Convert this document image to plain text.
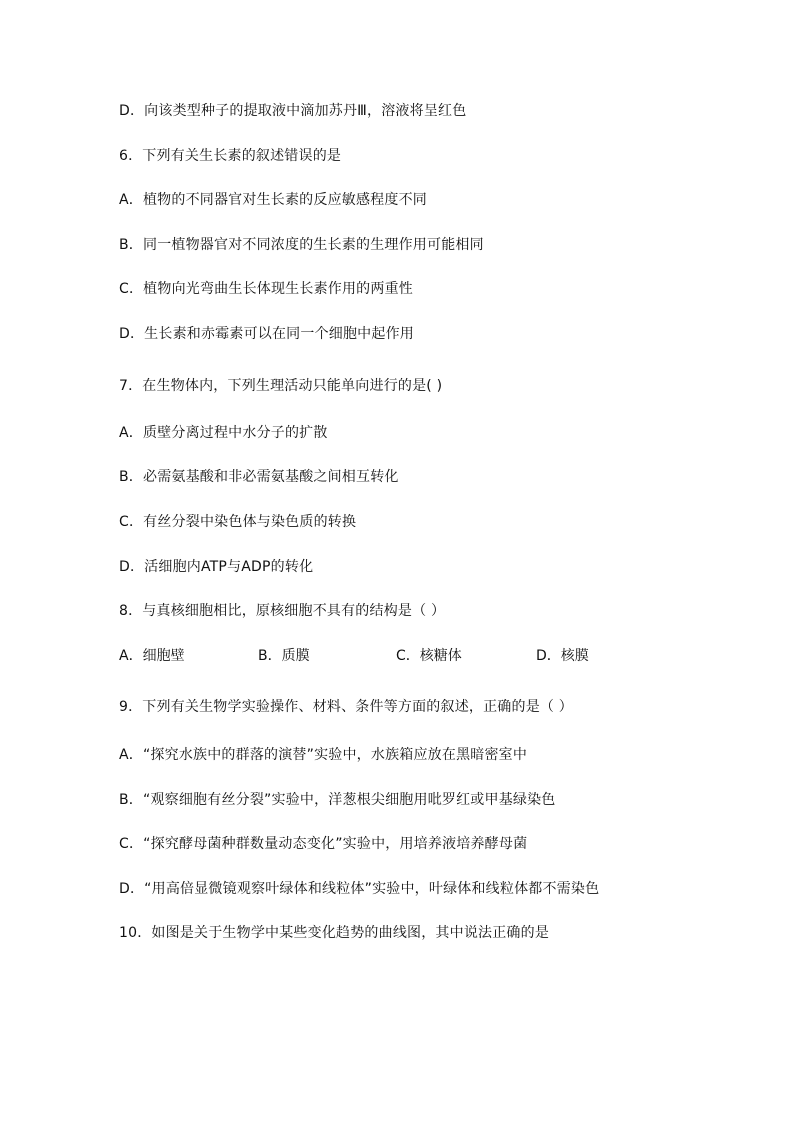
D．向该类型种子的提取液中滴加苏丹Ⅲ，溶液将呈红色
6．下列有关生长素的叙述错误的是
A．植物的不同器官对生长素的反应敏感程度不同
B．同一植物器官对不同浓度的生长素的生理作用可能相同
C．植物向光弯曲生长体现生长素作用的两重性
D．生长素和赤霉素可以在同一个细胞中起作用
7．在生物体内，下列生理活动只能单向进行的是( )
A．质壁分离过程中水分子的扩散
B．必需氨基酸和非必需氨基酸之间相互转化
C．有丝分裂中染色体与染色质的转换
D．活细胞内ATP与ADP的转化
8．与真核细胞相比，原核细胞不具有的结构是（ ）
A．细胞壁	B．质膜	C．核糖体	D．核膜
9．下列有关生物学实验操作、材料、条件等方面的叙述，正确的是（ ）
A．“探究水族中的群落的演替”实验中，水族箱应放在黑暗密室中
B．“观察细胞有丝分裂”实验中，洋葱根尖细胞用吡罗红或甲基绿染色
C．“探究酵母菌种群数量动态变化”实验中，用培养液培养酵母菌
D．“用高倍显微镜观察叶绿体和线粒体”实验中，叶绿体和线粒体都不需染色
10．如图是关于生物学中某些变化趋势的曲线图，其中说法正确的是
